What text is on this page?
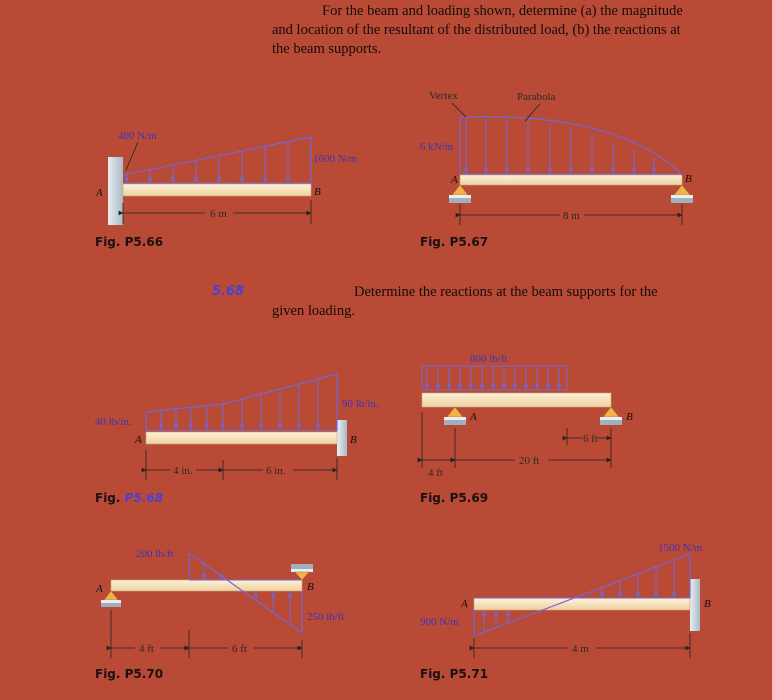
For the beam and loading shown, determine (a) the magnitude
and location of the resultant of the distributed load, (b) the reactions at
the beam supports.
5.68	Determine the reactions at the beam supports for the
given loading.
Fig. P5.66	Fig. P5.67
Fig. P5.68	Fig. P5.69
Fig. P5.70	Fig. P5.71
400 N/m
1600 N/m
A	B
6 m
Vertex	Parabola
6 kN/m
A	B
8 m
40 lb/in.
90 lb/in.
A	B
4 in.	6 in.
800 lb/ft
A	B
6 ft
20 ft
4 ft
200 lb/ft
250 lb/ft
A	B
4 ft	6 ft
900 N/m
1500 N/m
A	B
4 m
